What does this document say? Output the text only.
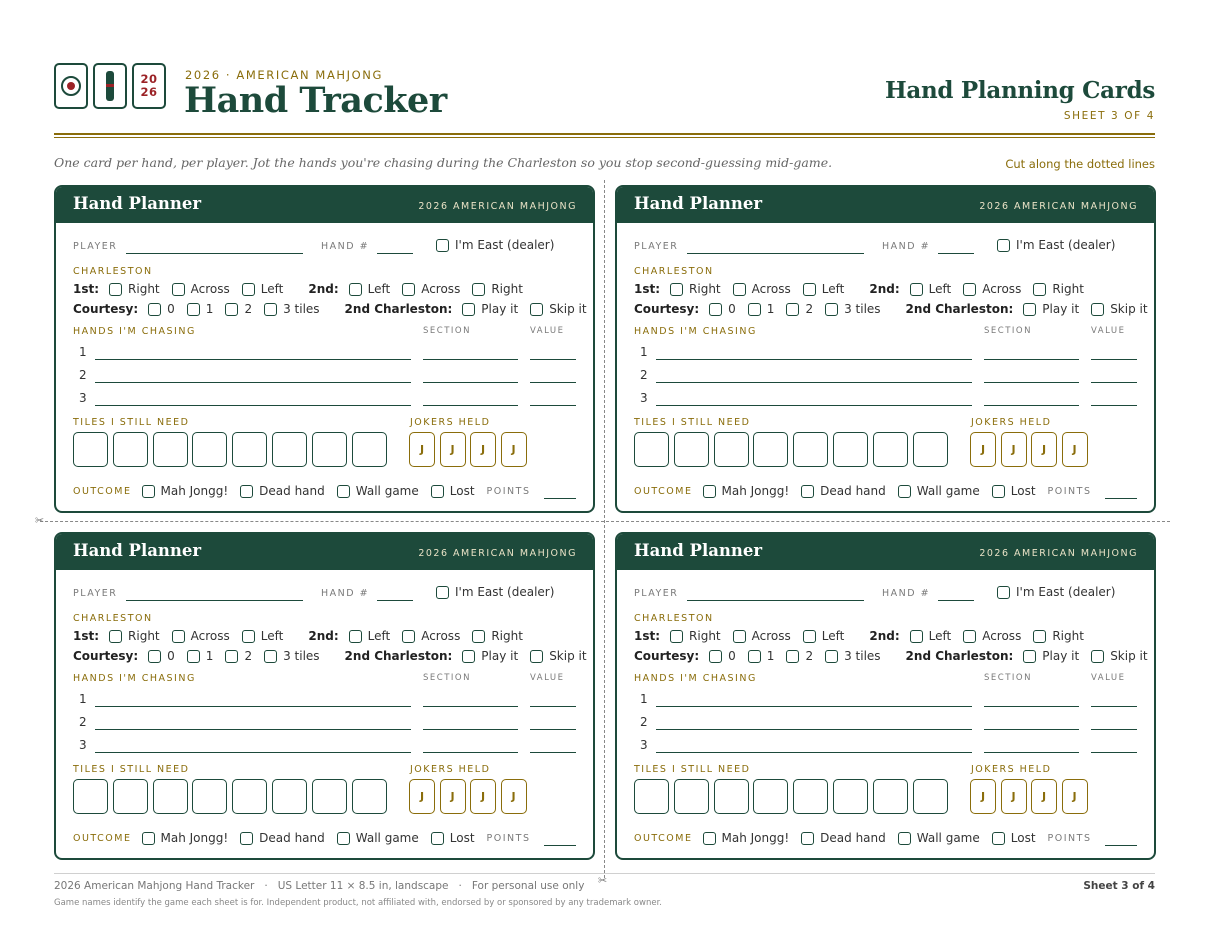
20
26
2026 · AMERICAN MAHJONG
Hand Tracker	Hand Planning Cards
SHEET 3 OF 4
One card per hand, per player. Jot the hands you're chasing during the Charleston so you stop second-guessing mid-game.	Cut along the dotted lines
✂
✂
Hand Planner	2026 AMERICAN MAHJONG
PLAYER	HAND #	I'm East (dealer)
CHARLESTON
1st: Right	Across	Left 2nd: Left	Across	Right
Courtesy: 0	1	2	3 tiles 2nd Charleston: Play it	Skip it
HANDS I'M CHASING	SECTION	VALUE
1
2
3
TILES I STILL NEED	JOKERS HELD
J	J	J	J
OUTCOME Mah Jongg!	Dead hand	Wall game	Lost POINTS
Hand Planner	2026 AMERICAN MAHJONG
PLAYER	HAND #	I'm East (dealer)
CHARLESTON
1st: Right	Across	Left 2nd: Left	Across	Right
Courtesy: 0	1	2	3 tiles 2nd Charleston: Play it	Skip it
HANDS I'M CHASING	SECTION	VALUE
1
2
3
TILES I STILL NEED	JOKERS HELD
J	J	J	J
OUTCOME Mah Jongg!	Dead hand	Wall game	Lost POINTS
Hand Planner	2026 AMERICAN MAHJONG
PLAYER	HAND #	I'm East (dealer)
CHARLESTON
1st: Right	Across	Left 2nd: Left	Across	Right
Courtesy: 0	1	2	3 tiles 2nd Charleston: Play it	Skip it
HANDS I'M CHASING	SECTION	VALUE
1
2
3
TILES I STILL NEED	JOKERS HELD
J	J	J	J
OUTCOME Mah Jongg!	Dead hand	Wall game	Lost POINTS
Hand Planner	2026 AMERICAN MAHJONG
PLAYER	HAND #	I'm East (dealer)
CHARLESTON
1st: Right	Across	Left 2nd: Left	Across	Right
Courtesy: 0	1	2	3 tiles 2nd Charleston: Play it	Skip it
HANDS I'M CHASING	SECTION	VALUE
1
2
3
TILES I STILL NEED	JOKERS HELD
J	J	J	J
OUTCOME Mah Jongg!	Dead hand	Wall game	Lost POINTS
2026 American Mahjong Hand Tracker   ·   US Letter 11 × 8.5 in, landscape   ·   For personal use only	Sheet 3 of 4
Game names identify the game each sheet is for. Independent product, not affiliated with, endorsed by or sponsored by any trademark owner.
